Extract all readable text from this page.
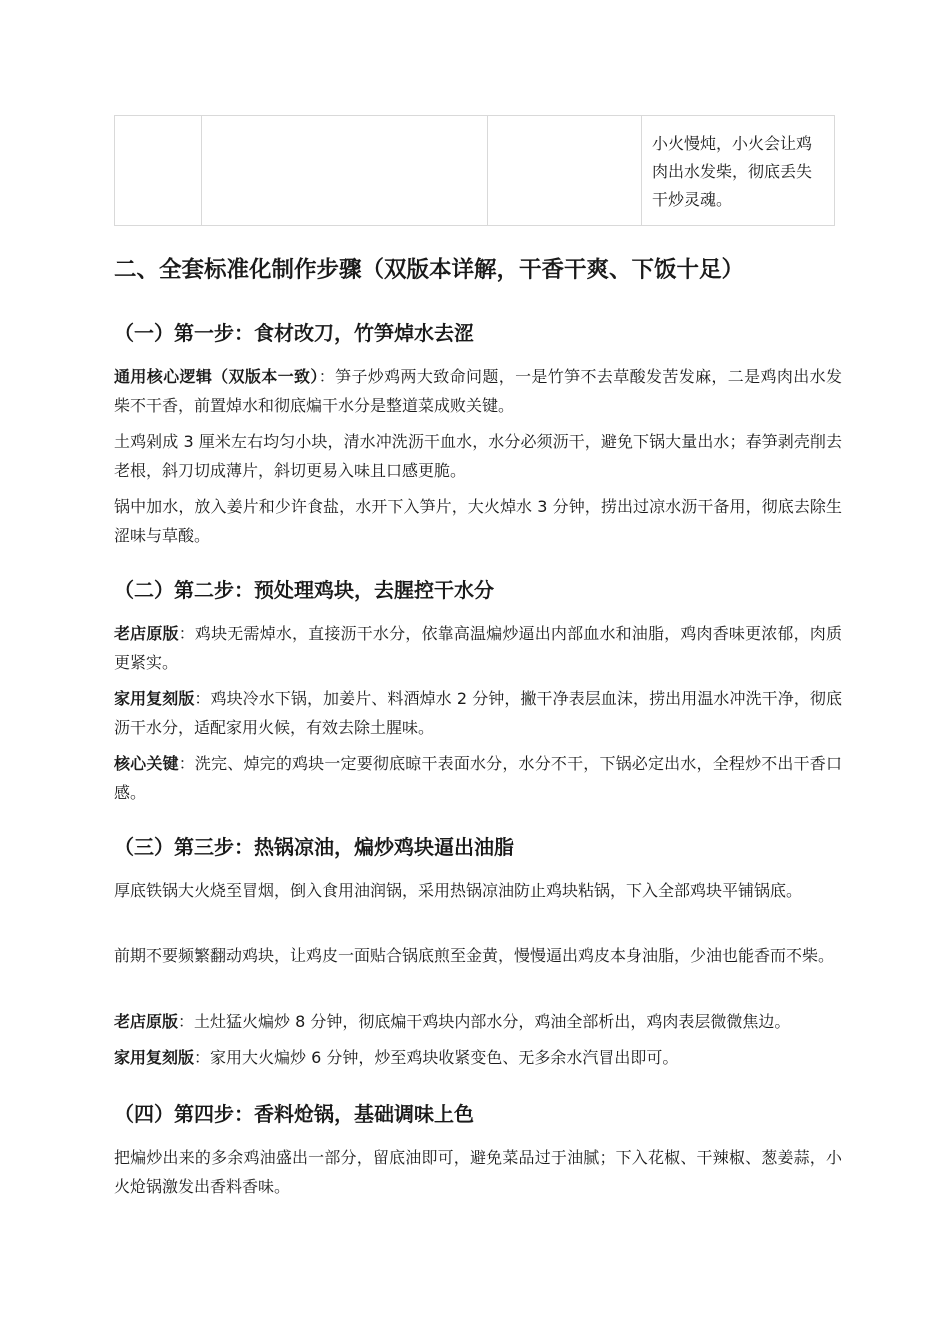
			小火慢炖，小火会让鸡肉出水发柴，彻底丢失干炒灵魂。
二、全套标准化制作步骤（双版本详解，干香干爽、下饭十足）
（一）第一步：食材改刀，竹笋焯水去涩

通用核心逻辑（双版本一致）：笋子炒鸡两大致命问题，一是竹笋不去草酸发苦发麻，二是鸡肉出水发柴不干香，前置焯水和彻底煸干水分是整道菜成败关键。

土鸡剁成 3 厘米左右均匀小块，清水冲洗沥干血水，水分必须沥干，避免下锅大量出水；春笋剥壳削去老根，斜刀切成薄片，斜切更易入味且口感更脆。

锅中加水，放入姜片和少许食盐，水开下入笋片，大火焯水 3 分钟，捞出过凉水沥干备用，彻底去除生涩味与草酸。

（二）第二步：预处理鸡块，去腥控干水分

老店原版：鸡块无需焯水，直接沥干水分，依靠高温煸炒逼出内部血水和油脂，鸡肉香味更浓郁，肉质更紧实。

家用复刻版：鸡块冷水下锅，加姜片、料酒焯水 2 分钟，撇干净表层血沫，捞出用温水冲洗干净，彻底沥干水分，适配家用火候，有效去除土腥味。

核心关键：洗完、焯完的鸡块一定要彻底晾干表面水分，水分不干，下锅必定出水，全程炒不出干香口感。

（三）第三步：热锅凉油，煸炒鸡块逼出油脂

厚底铁锅大火烧至冒烟，倒入食用油润锅，采用热锅凉油防止鸡块粘锅，下入全部鸡块平铺锅底。

前期不要频繁翻动鸡块，让鸡皮一面贴合锅底煎至金黄，慢慢逼出鸡皮本身油脂，少油也能香而不柴。

老店原版：土灶猛火煸炒 8 分钟，彻底煸干鸡块内部水分，鸡油全部析出，鸡肉表层微微焦边。

家用复刻版：家用大火煸炒 6 分钟，炒至鸡块收紧变色、无多余水汽冒出即可。

（四）第四步：香料炝锅，基础调味上色

把煸炒出来的多余鸡油盛出一部分，留底油即可，避免菜品过于油腻；下入花椒、干辣椒、葱姜蒜，小火炝锅激发出香料香味。
